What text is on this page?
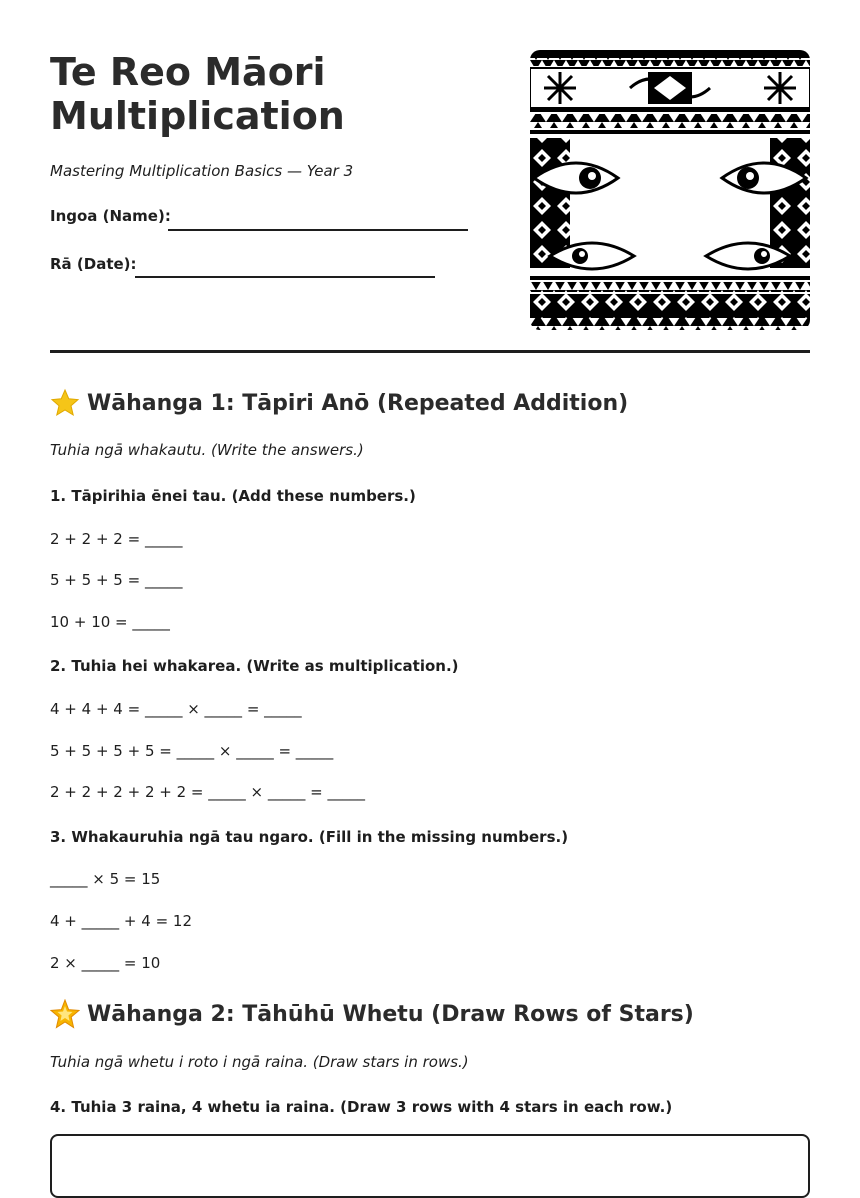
Te Reo Māori Multiplication
Mastering Multiplication Basics — Year 3
Ingoa (Name):
Rā (Date):
Wāhanga 1: Tāpiri Anō (Repeated Addition)
Tuhia ngā whakautu. (Write the answers.)
1. Tāpirihia ēnei tau. (Add these numbers.)
2 + 2 + 2 = _____
5 + 5 + 5 = _____
10 + 10 = _____
2. Tuhia hei whakarea. (Write as multiplication.)
4 + 4 + 4 = _____ × _____ = _____
5 + 5 + 5 + 5 = _____ × _____ = _____
2 + 2 + 2 + 2 + 2 = _____ × _____ = _____
3. Whakauruhia ngā tau ngaro. (Fill in the missing numbers.)
_____ × 5 = 15
4 + _____ + 4 = 12
2 × _____ = 10
Wāhanga 2: Tāhūhū Whetu (Draw Rows of Stars)
Tuhia ngā whetu i roto i ngā raina. (Draw stars in rows.)
4. Tuhia 3 raina, 4 whetu ia raina. (Draw 3 rows with 4 stars in each row.)
